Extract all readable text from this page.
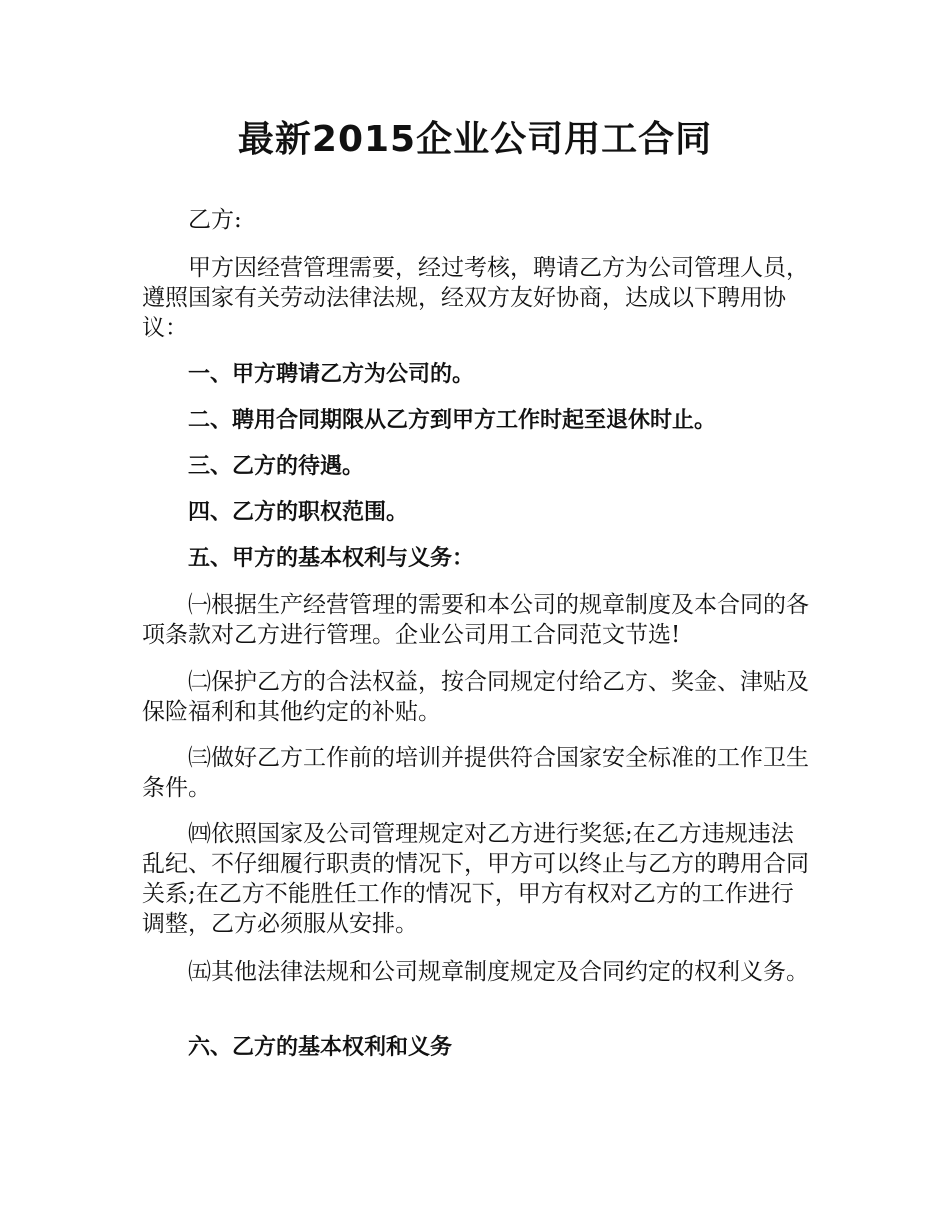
最新2015企业公司用工合同

乙方:

甲方因经营管理需要，经过考核，聘请乙方为公司管理人员，遵照国家有关劳动法律法规，经双方友好协商，达成以下聘用协议：

一、甲方聘请乙方为公司的。

二、聘用合同期限从乙方到甲方工作时起至退休时止。

三、乙方的待遇。

四、乙方的职权范围。

五、甲方的基本权利与义务：

㈠根据生产经营管理的需要和本公司的规章制度及本合同的各项条款对乙方进行管理。企业公司用工合同范文节选!

㈡保护乙方的合法权益，按合同规定付给乙方、奖金、津贴及保险福利和其他约定的补贴。

㈢做好乙方工作前的培训并提供符合国家安全标准的工作卫生条件。

㈣依照国家及公司管理规定对乙方进行奖惩;在乙方违规违法乱纪、不仔细履行职责的情况下，甲方可以终止与乙方的聘用合同关系;在乙方不能胜任工作的情况下，甲方有权对乙方的工作进行调整，乙方必须服从安排。

㈤其他法律法规和公司规章制度规定及合同约定的权利义务。

六、乙方的基本权利和义务
